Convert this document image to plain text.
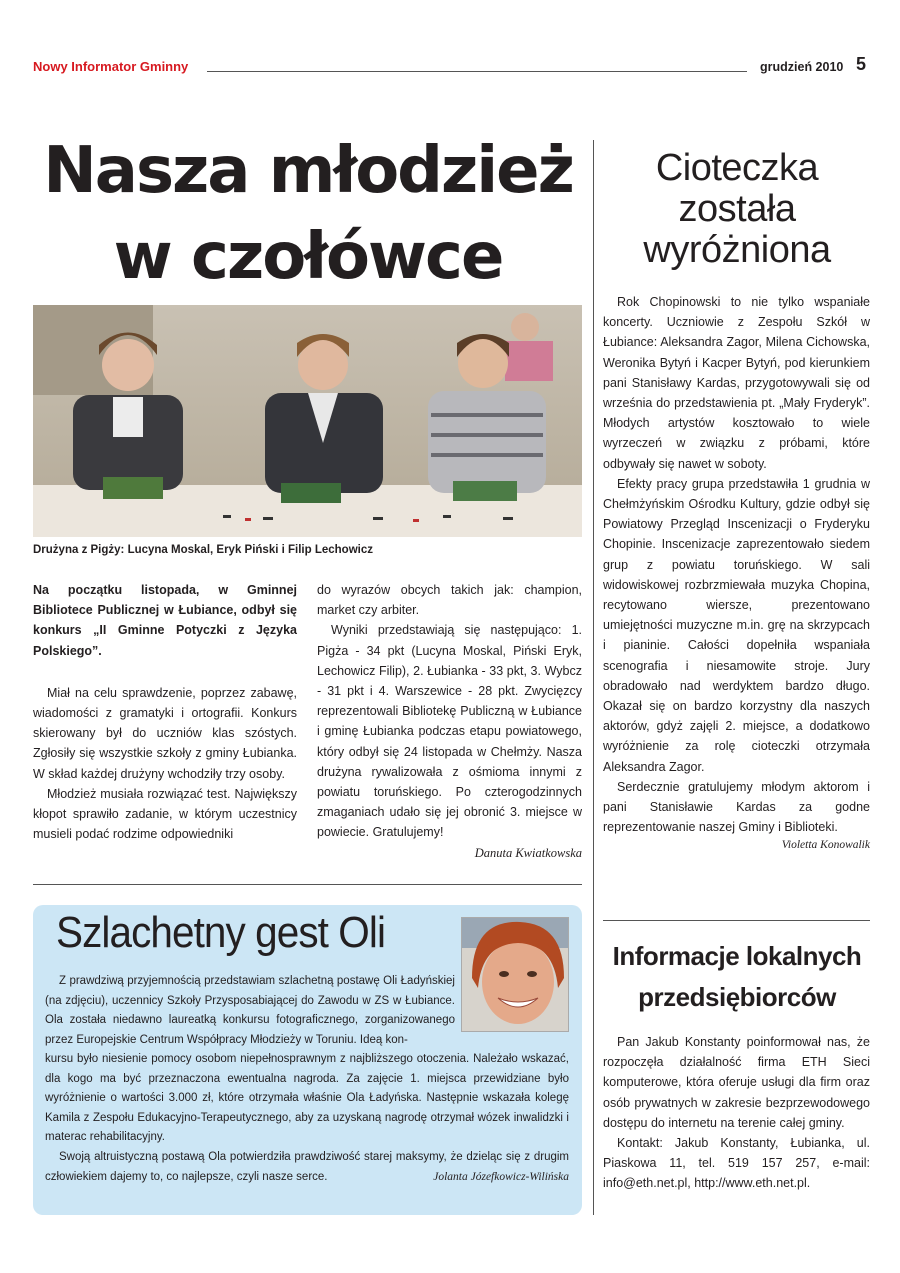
Nowy Informator Gminny	grudzień 2010 5
Nasza młodzież
w czołówce
Drużyna z Pigży: Lucyna Moskal, Eryk Piński i Filip Lechowicz

Na początku listopada, w Gminnej Bibliotece Publicznej w Łubiance, odbył się konkurs „II Gminne Potyczki z Języka Polskiego”.

Miał na celu sprawdzenie, poprzez zabawę, wiadomości z gramatyki i ortografii. Konkurs skierowany był do uczniów klas szóstych. Zgłosiły się wszystkie szkoły z gminy Łubianka. W skład każdej drużyny wchodziły trzy osoby.

Młodzież musiała rozwiązać test. Największy kłopot sprawiło zadanie, w którym uczestnicy musieli podać rodzime odpowiedniki

do wyrazów obcych takich jak: champion, market czy arbiter.

Wyniki przedstawiają się następująco: 1. Pigża - 34 pkt (Lucyna Moskal, Piński Eryk, Lechowicz Filip), 2. Łubianka - 33 pkt, 3. Wybcz - 31 pkt i 4. Warszewice - 28 pkt. Zwycięzcy reprezentowali Bibliotekę Publiczną w Łubiance i gminę Łubianka podczas etapu powiatowego, który odbył się 24 listopada w Chełmży. Nasza drużyna rywalizowała z ośmioma innymi z powiatu toruńskiego. Po czterogodzinnych zmaganiach udało się jej obronić 3. miejsce w powiecie. Gratulujemy!

Danuta Kwiatkowska
Szlachetny gest Oli

Z prawdziwą przyjemnością przedstawiam szlachetną postawę Oli Ładyńskiej (na zdjęciu), uczennicy Szkoły Przysposabiającej do Zawodu w ZS w Łubiance. Ola została niedawno laureatką konkursu fotograficznego, zorganizowanego przez Europejskie Centrum Współpracy Młodzieży w Toruniu. Ideą kon-

kursu było niesienie pomocy osobom niepełnosprawnym z najbliższego otoczenia. Należało wskazać, dla kogo ma być przeznaczona ewentualna nagroda. Za zajęcie 1. miejsca przewidziane było wyróżnienie o wartości 3.000 zł, które otrzymała właśnie Ola Ładyńska. Następnie wskazała kolegę Kamila z Zespołu Edukacyjno-Terapeutycznego, aby za uzyskaną nagrodę otrzymał wózek inwalidzki i materac rehabilitacyjny.

Swoją altruistyczną postawą Ola potwierdziła prawdziwość starej maksymy, że dzieląc się z drugim człowiekiem dajemy to, co najlepsze, czyli nasze serce.	Jolanta Józefkowicz-Wilińska

Cioteczka
została
wyróżniona

Rok Chopinowski to nie tylko wspaniałe koncerty. Uczniowie z Zespołu Szkół w Łubiance: Aleksandra Zagor, Milena Cichowska, Weronika Bytyń i Kacper Bytyń, pod kierunkiem pani Stanisławy Kardas, przygotowywali się od września do przedstawienia pt. „Mały Fryderyk”. Młodych artystów kosztowało to wiele wyrzeczeń w związku z próbami, które odbywały się nawet w soboty.

Efekty pracy grupa przedstawiła 1 grudnia w Chełmżyńskim Ośrodku Kultury, gdzie odbył się Powiatowy Przegląd Inscenizacji o Fryderyku Chopinie. Inscenizacje zaprezentowało siedem grup z powiatu toruńskiego. W sali widowiskowej rozbrzmiewała muzyka Chopina, recytowano wiersze, prezentowano umiejętności muzyczne m.in. grę na skrzypcach i pianinie. Całości dopełniła wspaniała scenografia i niesamowite stroje. Jury obradowało nad werdyktem bardzo długo. Okazał się on bardzo korzystny dla naszych aktorów, gdyż zajęli 2. miejsce, a dodatkowo wyróżnienie za rolę cioteczki otrzymała Aleksandra Zagor.

Serdecznie gratulujemy młodym aktorom i pani Stanisławie Kardas za godne reprezentowanie naszej Gminy i Biblioteki.

Violetta Konowalik
Informacje lokalnych
przedsiębiorców

Pan Jakub Konstanty poinformował nas, że rozpoczęła działalność firma ETH Sieci komputerowe, która oferuje usługi dla firm oraz osób prywatnych w zakresie bezprzewodowego dostępu do internetu na terenie całej gminy.

Kontakt: Jakub Konstanty, Łubianka, ul. Piaskowa 11, tel. 519 157 257, e-mail: info@eth.net.pl, http://www.eth.net.pl.
